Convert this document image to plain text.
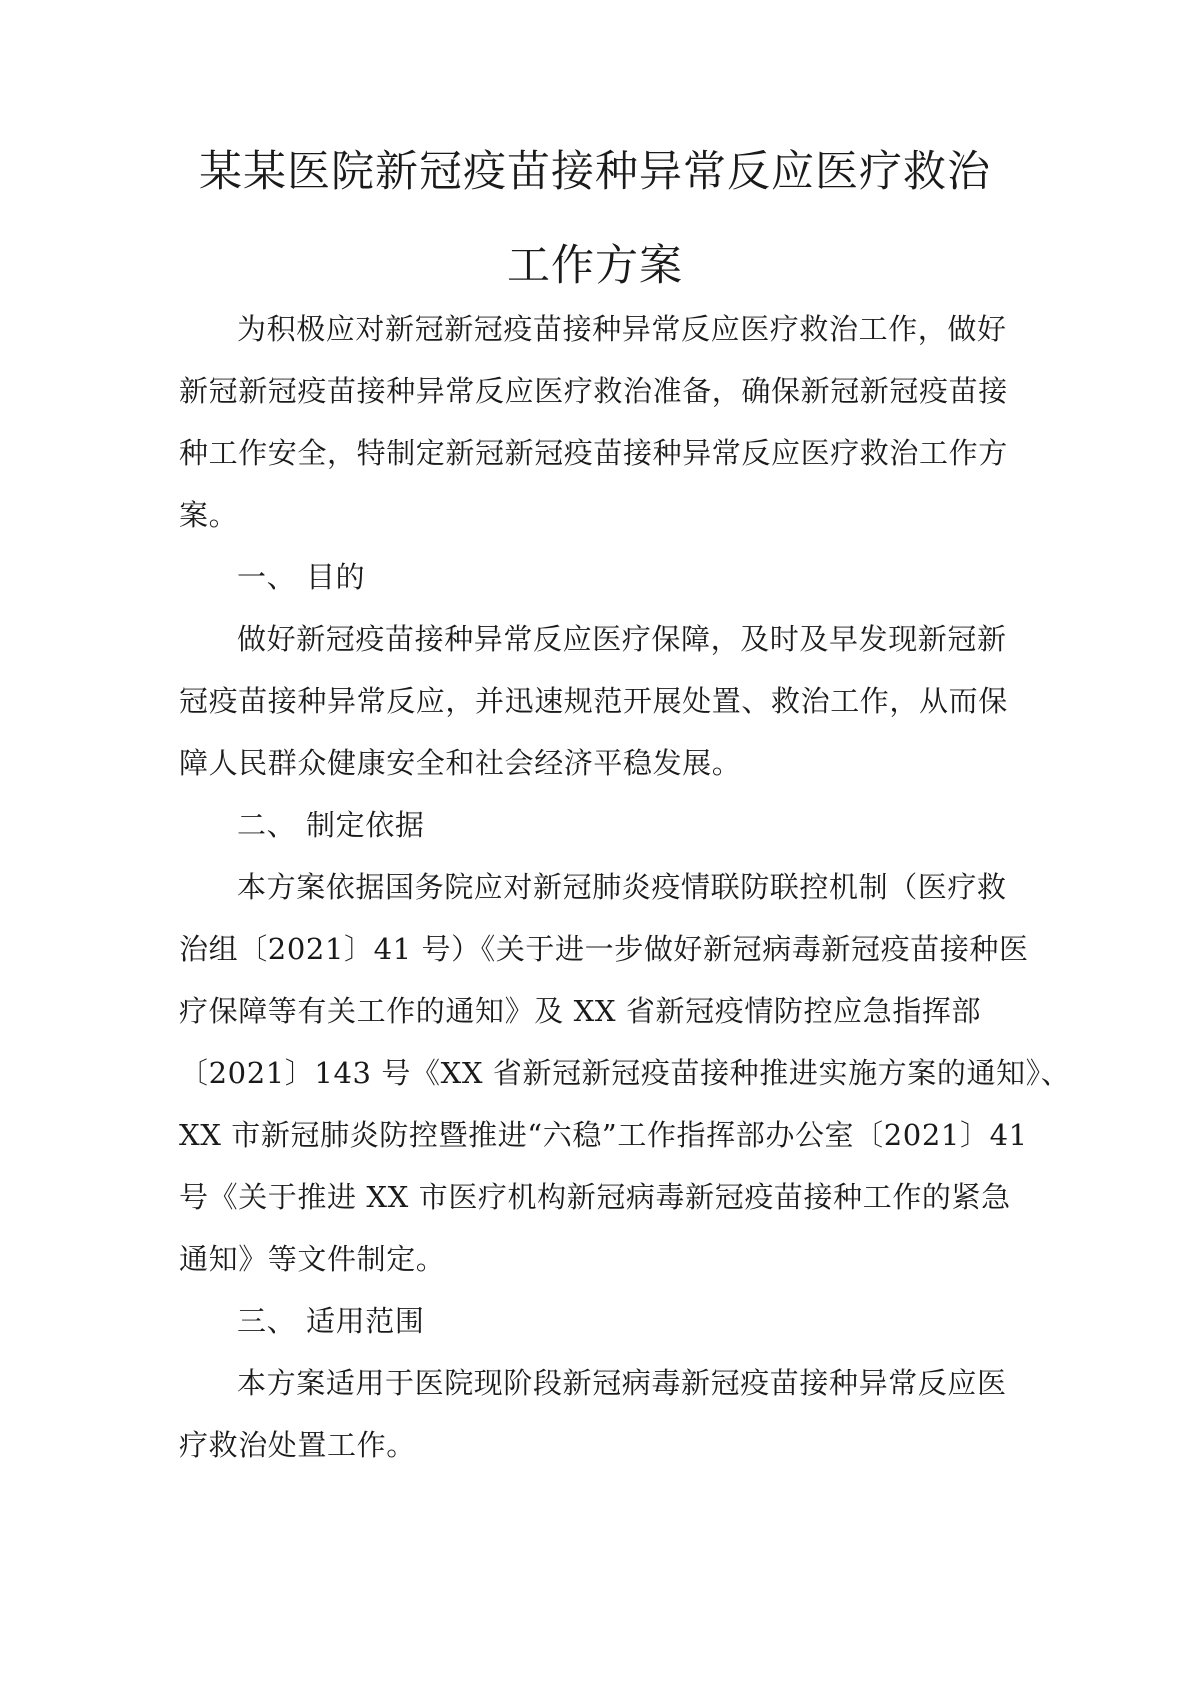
某某医院新冠疫苗接种异常反应医疗救治
工作方案
为积极应对新冠新冠疫苗接种异常反应医疗救治工作，做好
新冠新冠疫苗接种异常反应医疗救治准备，确保新冠新冠疫苗接
种工作安全，特制定新冠新冠疫苗接种异常反应医疗救治工作方
案。
一、 目的
做好新冠疫苗接种异常反应医疗保障，及时及早发现新冠新
冠疫苗接种异常反应，并迅速规范开展处置、救治工作，从而保
障人民群众健康安全和社会经济平稳发展。
二、 制定依据
本方案依据国务院应对新冠肺炎疫情联防联控机制（医疗救
治组〔2021〕41 号）《关于进一步做好新冠病毒新冠疫苗接种医
疗保障等有关工作的通知》及 XX 省新冠疫情防控应急指挥部
〔2021〕143 号《XX 省新冠新冠疫苗接种推进实施方案的通知》、
XX 市新冠肺炎防控暨推进“六稳”工作指挥部办公室〔2021〕41
号《关于推进 XX 市医疗机构新冠病毒新冠疫苗接种工作的紧急
通知》等文件制定。
三、 适用范围
本方案适用于医院现阶段新冠病毒新冠疫苗接种异常反应医
疗救治处置工作。
